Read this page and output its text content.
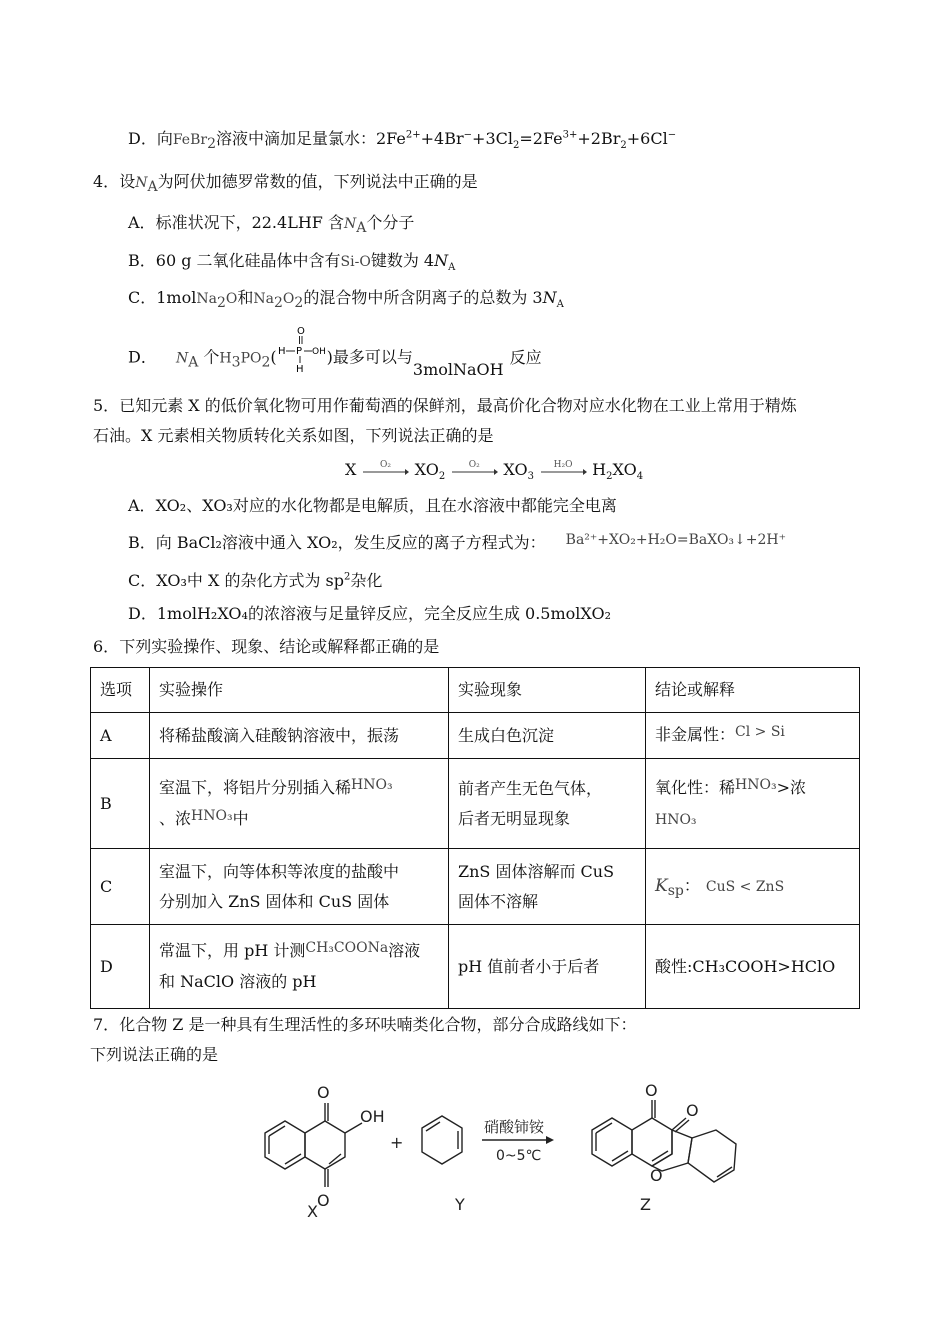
D．向FeBr$_2$溶液中滴加足量氯水：$2Fe^{2+}+4Br^-+3Cl_2=2Fe^{3+}+2Br_2+6Cl^-$
4．设$N_A$为阿伏加德罗常数的值，下列说法中正确的是
A．标准状况下，22.4LHF 含$N_A$个分子
B．60 g 二氧化硅晶体中含有Si-O键数为 $4N_A$
C．1molNa$_2$O和$Na_2O_2$的混合物中所含阴离子的总数为 $3N_A$
D． $N_A$ 个$H_3PO_2$(
O
H P OH
H
)最多可以与3molNaOH反应
5．已知元素 X 的低价氧化物可用作葡萄酒的保鲜剂，最高价化合物对应水化物在工业上常用于精炼
石油。X 元素相关物质转化关系如图，下列说法正确的是
X	O₂	$XO_2$
O₂	$XO_3$
H₂O	$H_2XO_4$
A．XO₂、XO₃对应的水化物都是电解质，且在水溶液中都能完全电离
B．向 BaCl₂溶液中通入 XO₂，发生反应的离子方程式为： Ba²⁺+XO₂+H₂O=BaXO₃↓+2H⁺
C．XO₃中 X 的杂化方式为 $sp^2$杂化
D．1molH₂XO₄的浓溶液与足量锌反应，完全反应生成 0.5molXO₂
6．下列实验操作、现象、结论或解释都正确的是
选项	实验操作	实验现象	结论或解释
A	将稀盐酸滴入硅酸钠溶液中，振荡	生成白色沉淀	非金属性：Cl > Si
B	室温下，将铝片分别插入稀HNO₃
、浓HNO₃中	前者产生无色气体，
后者无明显现象	氧化性：稀HNO₃>浓
HNO₃
C	室温下，向等体积等浓度的盐酸中
分别加入 ZnS 固体和 CuS 固体	ZnS 固体溶解而 CuS
固体不溶解	$K_{sp}$： CuS < ZnS
D	常温下，用 pH 计测CH₃COONa溶液
和 NaClO 溶液的 pH	pH 值前者小于后者	酸性:CH₃COOH>HClO
7．化合物 Z 是一种具有生理活性的多环呋喃类化合物，部分合成路线如下：
下列说法正确的是
O
O
OH
+
O
O
O
X	Y	Z
硝酸铈铵
0~5℃
